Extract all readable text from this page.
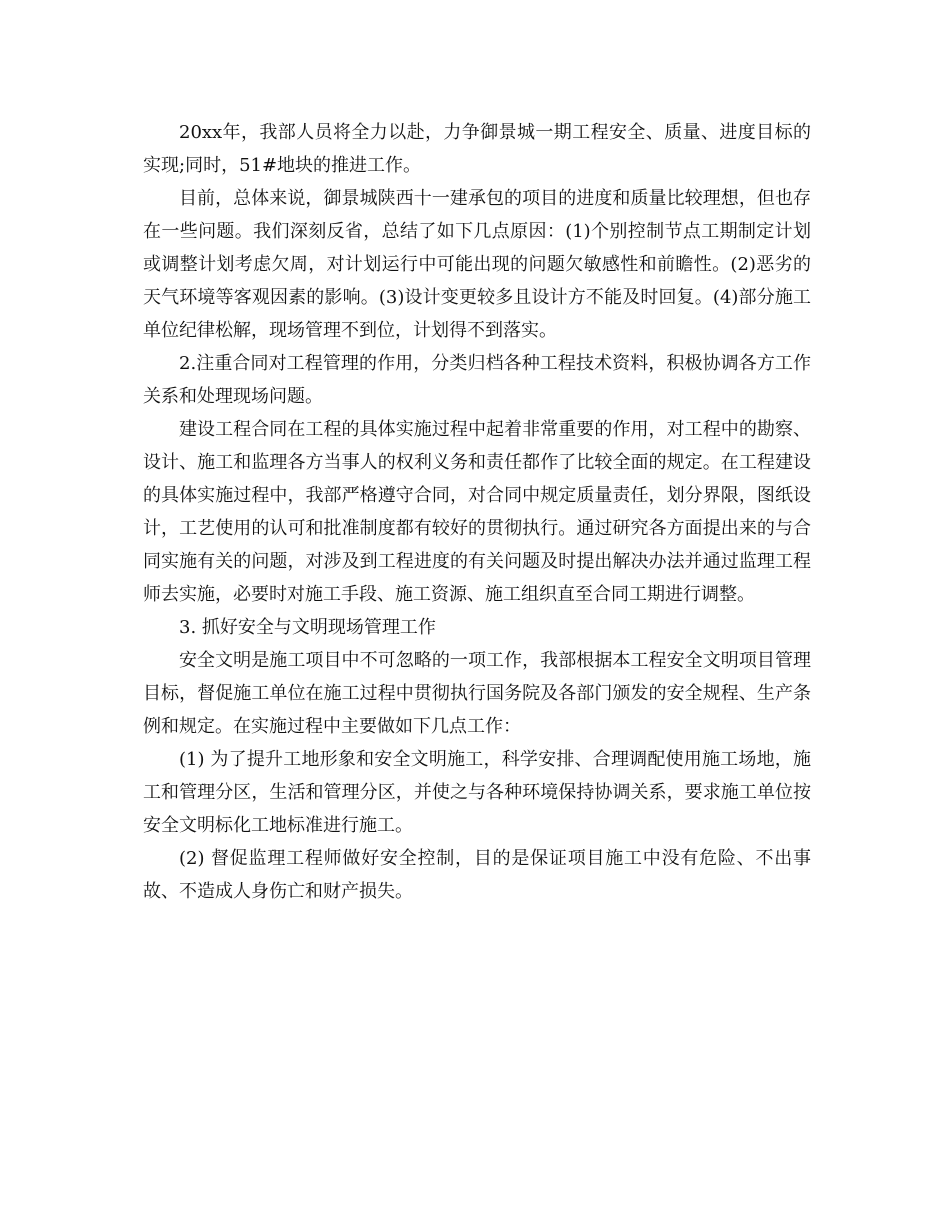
20xx年，我部人员将全力以赴，力争御景城一期工程安全、质量、进度目标的实现;同时，51#地块的推进工作。

目前，总体来说，御景城陕西十一建承包的项目的进度和质量比较理想，但也存在一些问题。我们深刻反省，总结了如下几点原因：(1)个别控制节点工期制定计划或调整计划考虑欠周，对计划运行中可能出现的问题欠敏感性和前瞻性。(2)恶劣的天气环境等客观因素的影响。(3)设计变更较多且设计方不能及时回复。(4)部分施工单位纪律松解，现场管理不到位，计划得不到落实。

2.注重合同对工程管理的作用，分类归档各种工程技术资料，积极协调各方工作关系和处理现场问题。

建设工程合同在工程的具体实施过程中起着非常重要的作用，对工程中的勘察、设计、施工和监理各方当事人的权利义务和责任都作了比较全面的规定。在工程建设的具体实施过程中，我部严格遵守合同，对合同中规定质量责任，划分界限，图纸设计，工艺使用的认可和批准制度都有较好的贯彻执行。通过研究各方面提出来的与合同实施有关的问题，对涉及到工程进度的有关问题及时提出解决办法并通过监理工程师去实施，必要时对施工手段、施工资源、施工组织直至合同工期进行调整。

3. 抓好安全与文明现场管理工作

安全文明是施工项目中不可忽略的一项工作，我部根据本工程安全文明项目管理目标，督促施工单位在施工过程中贯彻执行国务院及各部门颁发的安全规程、生产条例和规定。在实施过程中主要做如下几点工作：

(1) 为了提升工地形象和安全文明施工，科学安排、合理调配使用施工场地，施工和管理分区，生活和管理分区，并使之与各种环境保持协调关系，要求施工单位按安全文明标化工地标准进行施工。

(2) 督促监理工程师做好安全控制，目的是保证项目施工中没有危险、不出事故、不造成人身伤亡和财产损失。
